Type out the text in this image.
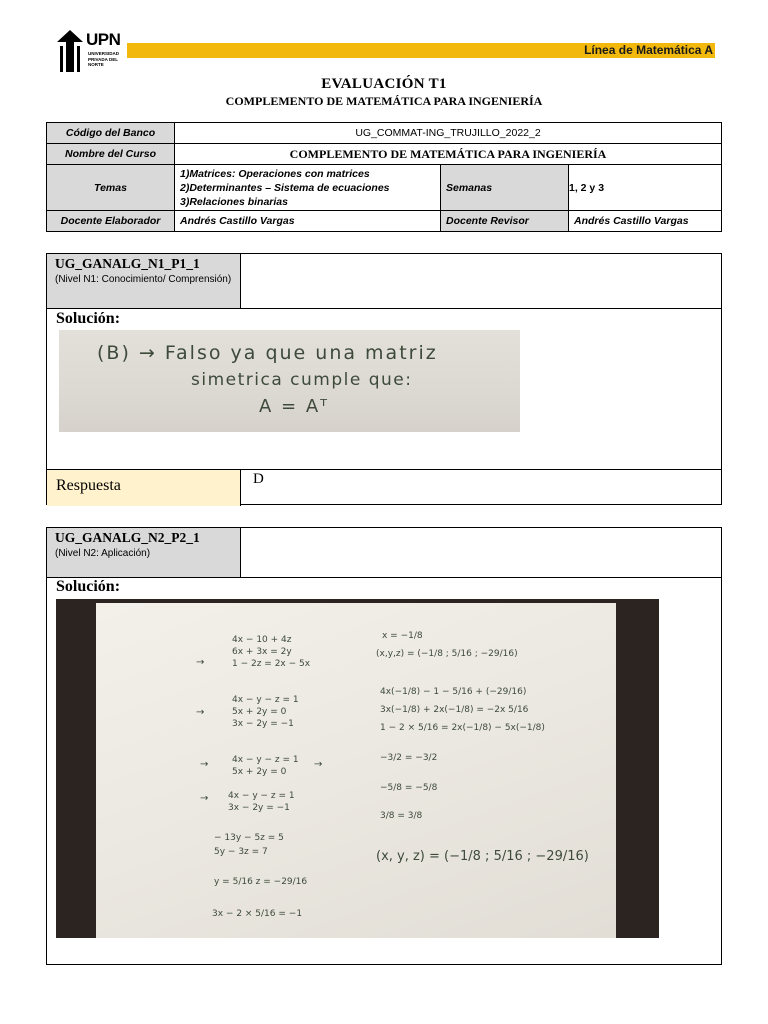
UPN
UNIVERSIDAD PRIVADA DEL NORTE
Línea de Matemática A
EVALUACIÓN T1
COMPLEMENTO DE MATEMÁTICA PARA INGENIERÍA
Código del Banco	UG_COMMAT-ING_TRUJILLO_2022_2		
Nombre del Curso	COMPLEMENTO DE MATEMÁTICA PARA INGENIERÍA		
Temas	1)Matrices: Operaciones con matrices
2)Determinantes – Sistema de ecuaciones
3)Relaciones binarias	Semanas	1, 2 y 3
Docente Elaborador	Andrés Castillo Vargas	Docente Revisor	Andrés Castillo Vargas
UG_GANALG_N1_P1_1
(Nivel N1: Conocimiento/ Comprensión)
Solución:
Respuesta	D
(B) → Falso ya que una matriz
simetrica cumple que:
A = Aᵀ
UG_GANALG_N2_P2_1
(Nivel N2: Aplicación)
Solución:
4x − 10 + 4z
6x + 3x = 2y
1 − 2z = 2x − 5x
4x − y − z = 1
5x + 2y = 0
3x − 2y = −1
4x − y − z = 1
5x + 2y = 0
4x − y − z = 1
3x − 2y = −1
− 13y − 5z = 5
5y − 3z = 7
y = 5/16 z = −29/16
3x − 2 × 5/16 = −1
→
→
→	→
→
x = −1/8
(x,y,z) = (−1/8 ; 5/16 ; −29/16)
4x(−1/8) − 1 − 5/16 + (−29/16)
3x(−1/8) + 2x(−1/8) = −2x 5/16
1 − 2 × 5/16 = 2x(−1/8) − 5x(−1/8)
−3/2 = −3/2
−5/8 = −5/8
3/8 = 3/8
(x, y, z) = (−1/8 ; 5/16 ; −29/16)
